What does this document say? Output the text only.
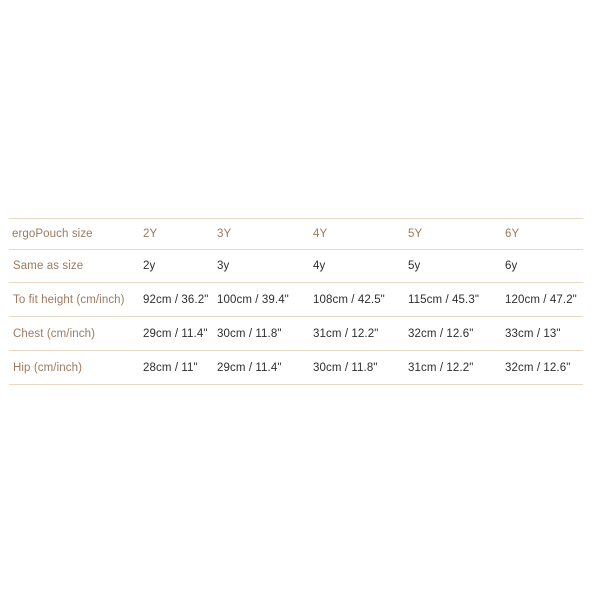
ergoPouch size	2Y	3Y	4Y	5Y	6Y
Same as size	2y	3y	4y	5y	6y
To fit height (cm/inch)	92cm / 36.2"	100cm / 39.4"	108cm / 42.5"	115cm / 45.3"	120cm / 47.2"
Chest (cm/inch)	29cm / 11.4"	30cm / 11.8"	31cm / 12.2"	32cm / 12.6"	33cm / 13"
Hip (cm/inch)	28cm / 11"	29cm / 11.4"	30cm / 11.8"	31cm / 12.2"	32cm / 12.6"
